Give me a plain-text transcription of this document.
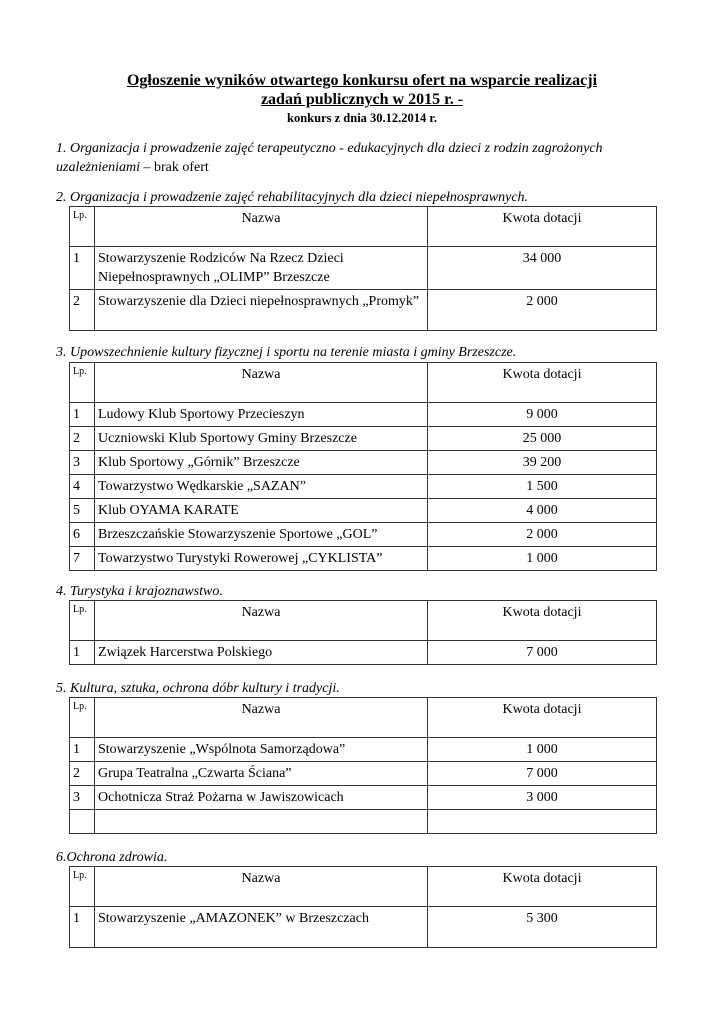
Ogłoszenie wyników otwartego konkursu ofert na wsparcie realizacji
zadań publicznych w 2015 r. -
konkurs z dnia 30.12.2014 r.
1. Organizacja i prowadzenie zajęć terapeutyczno - edukacyjnych dla dzieci z rodzin zagrożonych uzależnieniami – brak ofert
2. Organizacja i prowadzenie zajęć rehabilitacyjnych dla dzieci niepełnosprawnych.
Lp.	Nazwa	Kwota dotacji
1	Stowarzyszenie Rodziców Na Rzecz Dzieci Niepełnosprawnych „OLIMP” Brzeszcze	34 000
2	Stowarzyszenie dla Dzieci niepełnosprawnych „Promyk”	2 000
3. Upowszechnienie kultury fizycznej i sportu na terenie miasta i gminy Brzeszcze.
Lp.	Nazwa	Kwota dotacji
1	Ludowy Klub Sportowy Przecieszyn	9 000
2	Uczniowski Klub Sportowy Gminy Brzeszcze	25 000
3	Klub Sportowy „Górnik” Brzeszcze	39 200
4	Towarzystwo Wędkarskie „SAZAN”	1 500
5	Klub OYAMA KARATE	4 000
6	Brzeszczańskie Stowarzyszenie Sportowe „GOL”	2 000
7	Towarzystwo Turystyki Rowerowej „CYKLISTA”	1 000
4. Turystyka i krajoznawstwo.
Lp.	Nazwa	Kwota dotacji
1	Związek Harcerstwa Polskiego	7 000
5. Kultura, sztuka, ochrona dóbr kultury i tradycji.
Lp.	Nazwa	Kwota dotacji
1	Stowarzyszenie „Wspólnota Samorządowa”	1 000
2	Grupa Teatralna „Czwarta Ściana”	7 000
3	Ochotnicza Straż Pożarna w Jawiszowicach	3 000

6.Ochrona zdrowia.
Lp.	Nazwa	Kwota dotacji
1	Stowarzyszenie „AMAZONEK” w Brzeszczach	5 300
